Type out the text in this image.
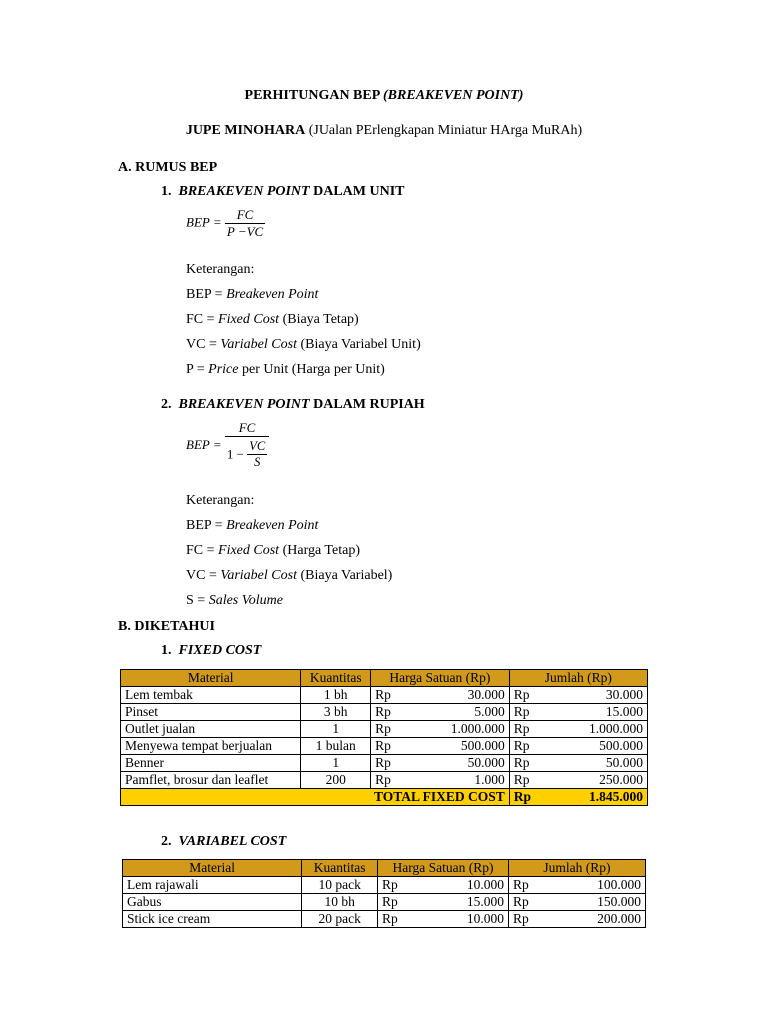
PERHITUNGAN BEP (BREAKEVEN POINT)
JUPE MINOHARA (JUalan PErlengkapan Miniatur HArga MuRAh)
A. RUMUS BEP
1. BREAKEVEN POINT DALAM UNIT
BEP = $\frac{FC}{P -VC}$
Keterangan:
BEP = Breakeven Point
FC = Fixed Cost (Biaya Tetap)
VC = Variabel Cost (Biaya Variabel Unit)
P = Price per Unit (Harga per Unit)
2. BREAKEVEN POINT DALAM RUPIAH
BEP = $\frac{FC}{1 - \frac{VC}{S}}$
Keterangan:
BEP = Breakeven Point
FC = Fixed Cost (Harga Tetap)
VC = Variabel Cost (Biaya Variabel)
S = Sales Volume
B. DIKETAHUI
1. FIXED COST
Material	Kuantitas	Harga Satuan (Rp)		Jumlah (Rp)	
Lem tembak	1 bh	Rp	30.000	Rp	30.000
Pinset	3 bh	Rp	5.000	Rp	15.000
Outlet jualan	1	Rp	1.000.000	Rp	1.000.000
Menyewa tempat berjualan	1 bulan	Rp	500.000	Rp	500.000
Benner	1	Rp	50.000	Rp	50.000
Pamflet, brosur dan leaflet	200	Rp	1.000	Rp	250.000
TOTAL FIXED COST				Rp	1.845.000
2. VARIABEL COST
Material	Kuantitas	Harga Satuan (Rp)		Jumlah (Rp)	
Lem rajawali	10 pack	Rp	10.000	Rp	100.000
Gabus	10 bh	Rp	15.000	Rp	150.000
Stick ice cream	20 pack	Rp	10.000	Rp	200.000
